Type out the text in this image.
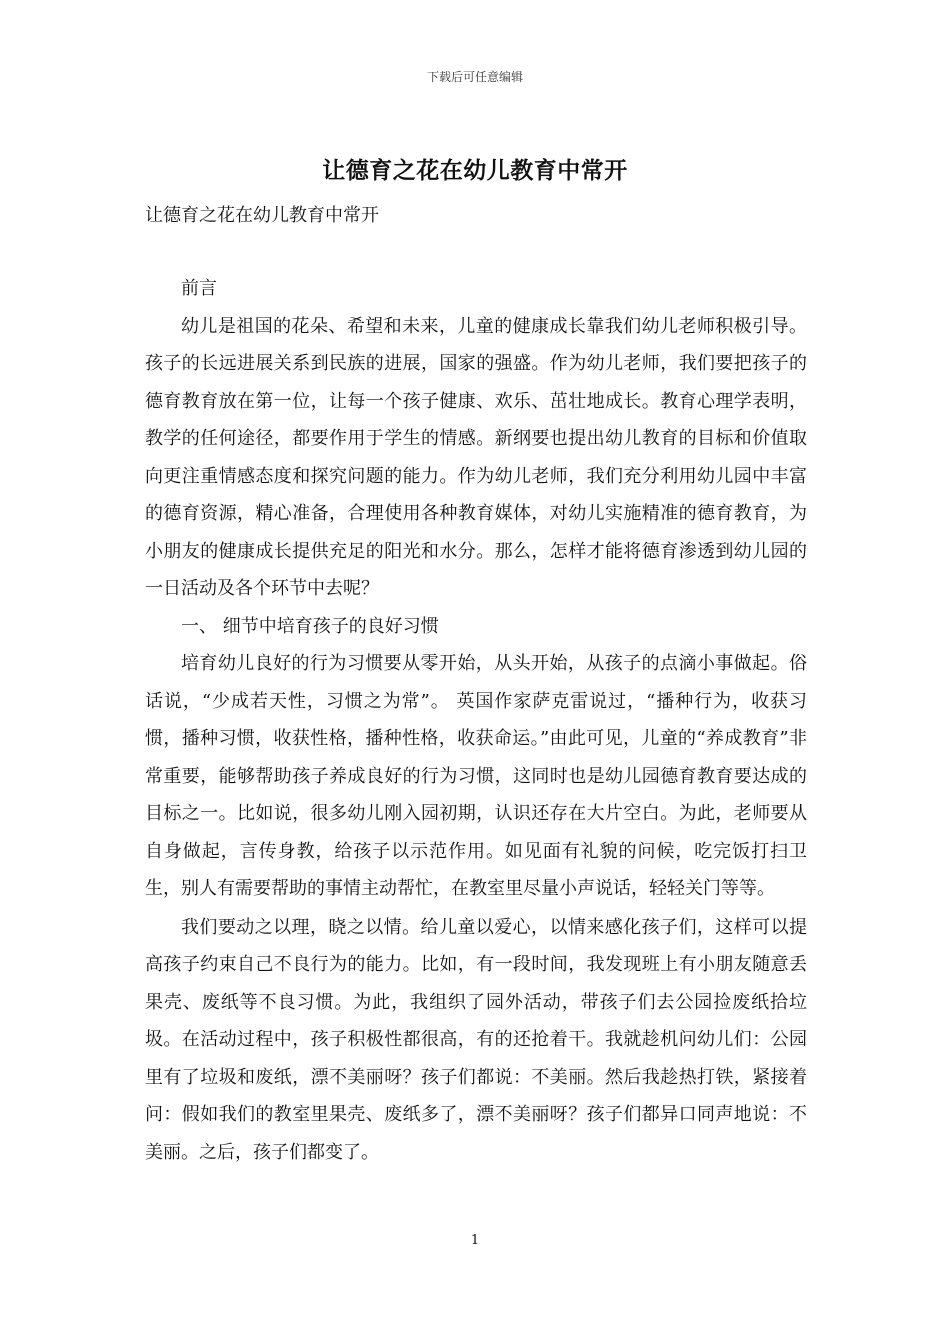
下载后可任意编辑
让德育之花在幼儿教育中常开
让德育之花在幼儿教育中常开

前言

幼儿是祖国的花朵、希望和未来，儿童的健康成长靠我们幼儿老师积极引导。孩子的长远进展关系到民族的进展，国家的强盛。作为幼儿老师，我们要把孩子的德育教育放在第一位，让每一个孩子健康、欢乐、茁壮地成长。教育心理学表明，教学的任何途径，都要作用于学生的情感。新纲要也提出幼儿教育的目标和价值取向更注重情感态度和探究问题的能力。作为幼儿老师，我们充分利用幼儿园中丰富的德育资源，精心准备，合理使用各种教育媒体，对幼儿实施精准的德育教育，为小朋友的健康成长提供充足的阳光和水分。那么，怎样才能将德育渗透到幼儿园的一日活动及各个环节中去呢？

一、 细节中培育孩子的良好习惯

培育幼儿良好的行为习惯要从零开始，从头开始，从孩子的点滴小事做起。俗话说，“少成若天性，习惯之为常”。 英国作家萨克雷说过，“播种行为，收获习惯，播种习惯，收获性格，播种性格，收获命运。”由此可见，儿童的“养成教育”非常重要，能够帮助孩子养成良好的行为习惯，这同时也是幼儿园德育教育要达成的目标之一。比如说，很多幼儿刚入园初期，认识还存在大片空白。为此，老师要从自身做起，言传身教，给孩子以示范作用。如见面有礼貌的问候，吃完饭打扫卫生，别人有需要帮助的事情主动帮忙，在教室里尽量小声说话，轻轻关门等等。

我们要动之以理，晓之以情。给儿童以爱心，以情来感化孩子们，这样可以提高孩子约束自己不良行为的能力。比如，有一段时间，我发现班上有小朋友随意丢果壳、废纸等不良习惯。为此，我组织了园外活动，带孩子们去公园捡废纸拾垃圾。在活动过程中，孩子积极性都很高，有的还抢着干。我就趁机问幼儿们：公园里有了垃圾和废纸，漂不美丽呀？孩子们都说：不美丽。然后我趁热打铁，紧接着问：假如我们的教室里果壳、废纸多了，漂不美丽呀？孩子们都异口同声地说：不美丽。之后，孩子们都变了。

1
